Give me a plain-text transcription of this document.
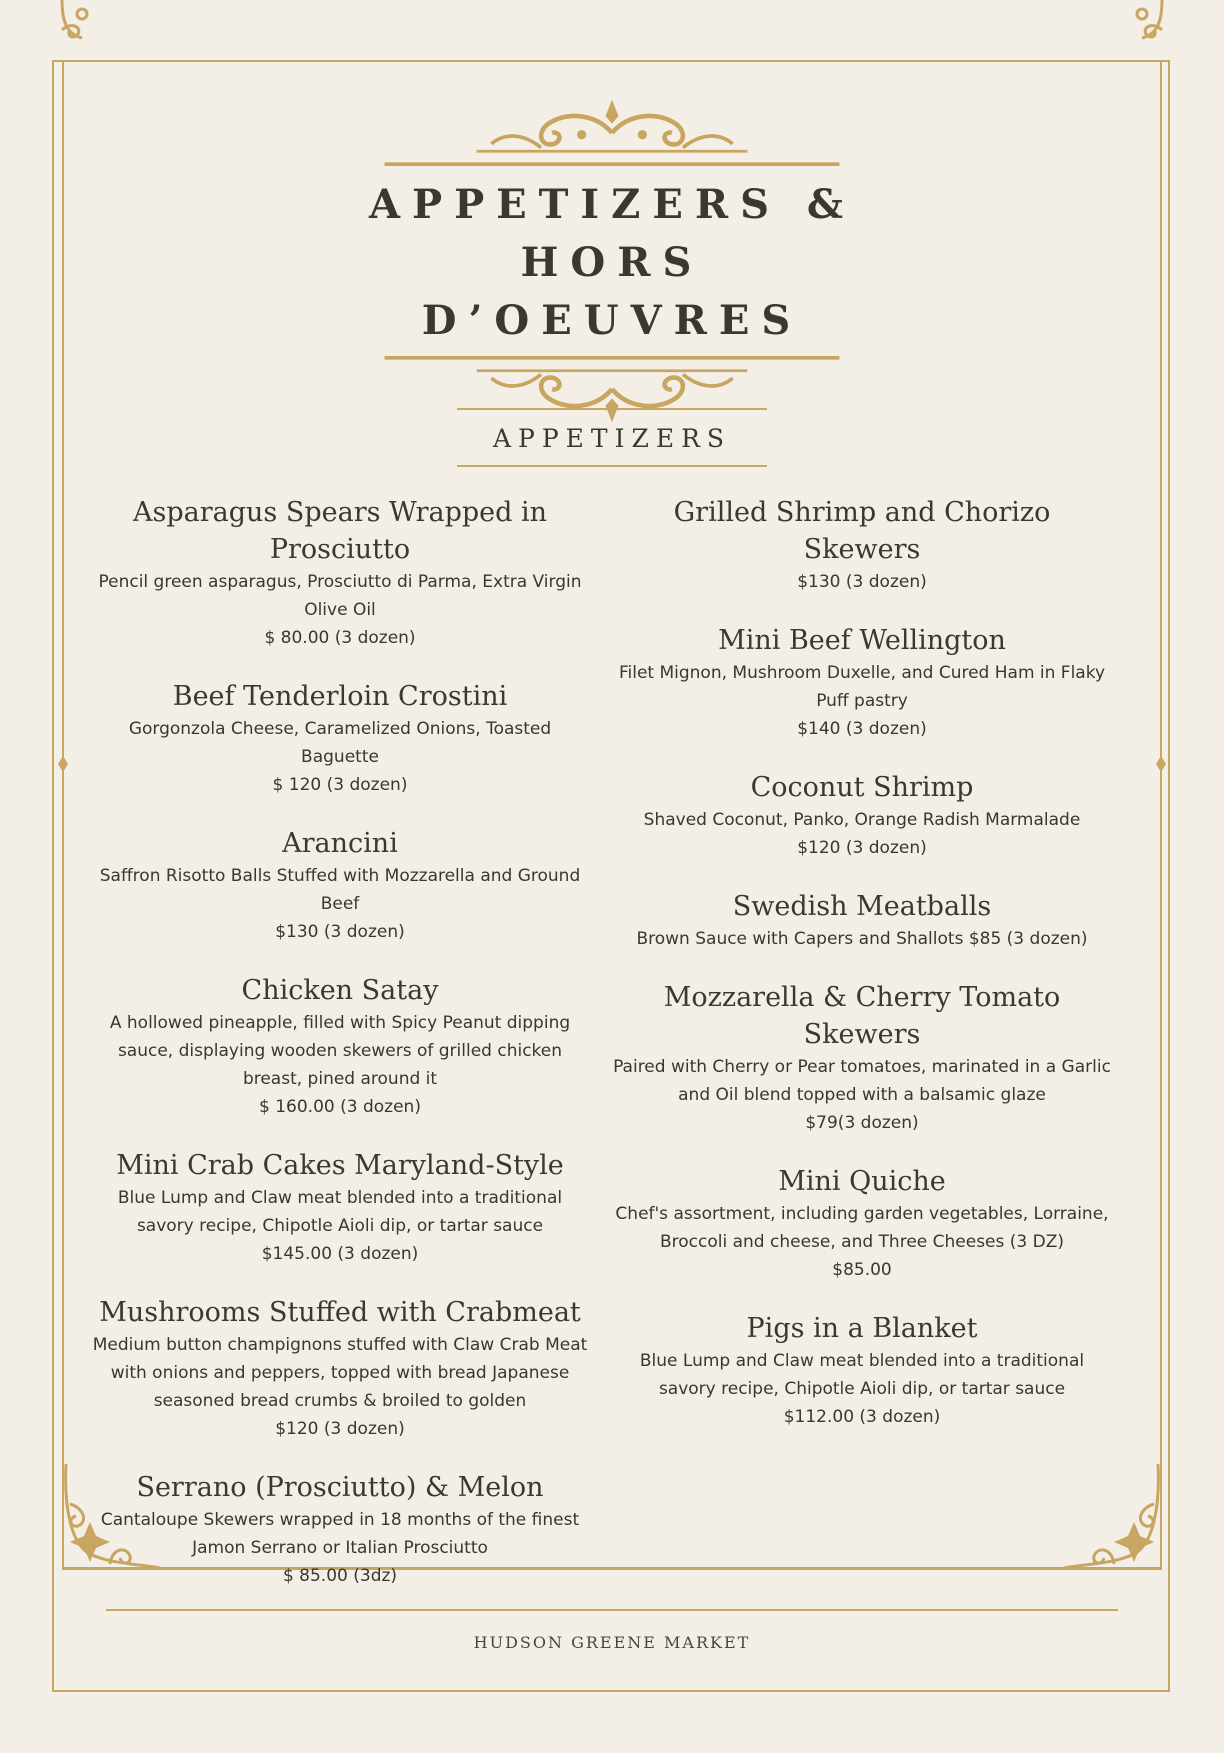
APPETIZERS &
HORS D’OEUVRES
APPETIZERS
Asparagus Spears Wrapped in Prosciutto
Pencil green asparagus, Prosciutto di Parma, Extra Virgin Olive Oil
$ 80.00 (3 dozen)
Beef Tenderloin Crostini
Gorgonzola Cheese, Caramelized Onions, Toasted Baguette
$ 120 (3 dozen)
Arancini
Saffron Risotto Balls Stuffed with Mozzarella and Ground Beef
$130 (3 dozen)
Chicken Satay
A hollowed pineapple, filled with Spicy Peanut dipping sauce, displaying wooden skewers of grilled chicken breast, pined around it
$ 160.00 (3 dozen)
Mini Crab Cakes Maryland-Style
Blue Lump and Claw meat blended into a traditional savory recipe, Chipotle Aioli dip, or tartar sauce
$145.00 (3 dozen)
Mushrooms Stuffed with Crabmeat
Medium button champignons stuffed with Claw Crab Meat with onions and peppers, topped with bread Japanese seasoned bread crumbs & broiled to golden
$120 (3 dozen)
Serrano (Prosciutto) & Melon
Cantaloupe Skewers wrapped in 18 months of the finest Jamon Serrano or Italian Prosciutto
$ 85.00 (3dz)
Grilled Shrimp and Chorizo Skewers
$130 (3 dozen)
Mini Beef Wellington
Filet Mignon, Mushroom Duxelle, and Cured Ham in Flaky Puff pastry
$140 (3 dozen)
Coconut Shrimp
Shaved Coconut, Panko, Orange Radish Marmalade
$120 (3 dozen)
Swedish Meatballs
Brown Sauce with Capers and Shallots $85 (3 dozen)
Mozzarella & Cherry Tomato Skewers
Paired with Cherry or Pear tomatoes, marinated in a Garlic and Oil blend topped with a balsamic glaze
$79(3 dozen)
Mini Quiche
Chef's assortment, including garden vegetables, Lorraine, Broccoli and cheese, and Three Cheeses (3 DZ)
$85.00
Pigs in a Blanket
Blue Lump and Claw meat blended into a traditional savory recipe, Chipotle Aioli dip, or tartar sauce
$112.00 (3 dozen)
HUDSON GREENE MARKET
